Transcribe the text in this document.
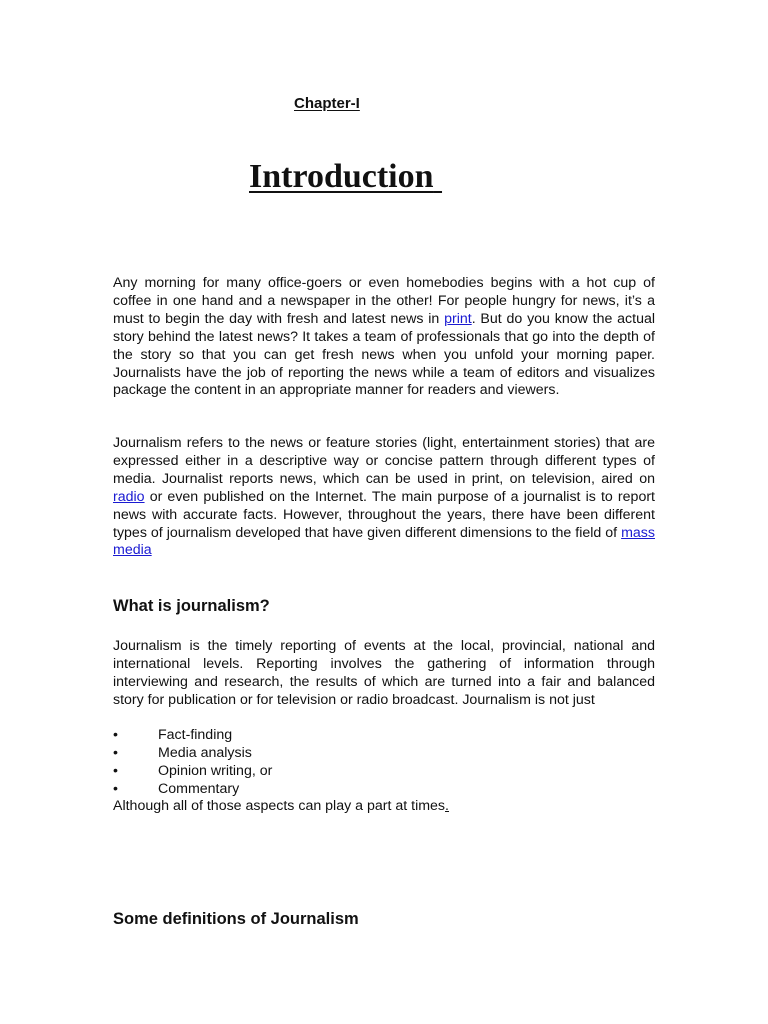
Chapter-I
Introduction

Any morning for many office-goers or even homebodies begins with a hot cup of coffee in one hand and a newspaper in the other! For people hungry for news, it’s a must to begin the day with fresh and latest news in print. But do you know the actual story behind the latest news? It takes a team of professionals that go into the depth of the story so that you can get fresh news when you unfold your morning paper. Journalists have the job of reporting the news while a team of editors and visualizes package the content in an appropriate manner for readers and viewers.

Journalism refers to the news or feature stories (light, entertainment stories) that are expressed either in a descriptive way or concise pattern through different types of media. Journalist reports news, which can be used in print, on television, aired on radio or even published on the Internet. The main purpose of a journalist is to report news with accurate facts. However, throughout the years, there have been different types of journalism developed that have given different dimensions to the field of mass media

What is journalism?

Journalism is the timely reporting of events at the local, provincial, national and international levels. Reporting involves the gathering of information through interviewing and research, the results of which are turned into a fair and balanced story for publication or for television or radio broadcast. Journalism is not just

•	Fact-finding
•	Media analysis
•	Opinion writing, or
•	Commentary

Although all of those aspects can play a part at times.

Some definitions of Journalism
